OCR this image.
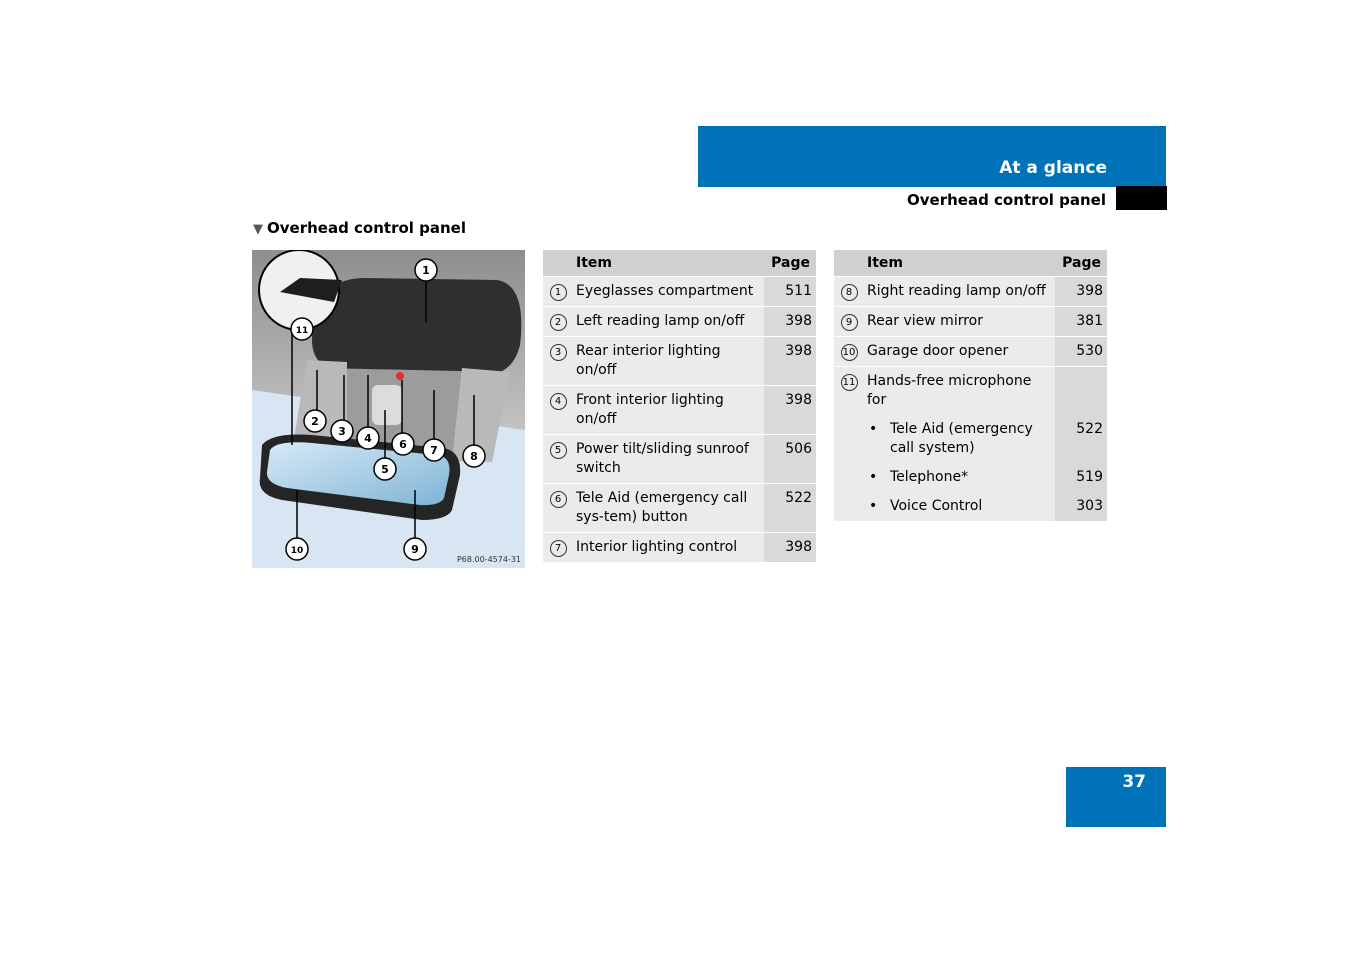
At a glance
Overhead control panel
▼ Overhead control panel
1
2
3
4
5
6 7	8
9
10
11
P68.00-4574-31
	Item	Page
1	Eyeglasses compartment	511
2	Left reading lamp on/off	398
3	Rear interior lighting on/off	398
4	Front interior lighting on/off	398
5	Power tilt/sliding sunroof switch	506
6	Tele Aid (emergency call sys-tem) button	522
7	Interior lighting control	398
	Item	Page
8	Right reading lamp on/off	398
9	Rear view mirror	381
10	Garage door opener	530
11	Hands-free microphone for	
	• Tele Aid (emergency call system)	522
	• Telephone*	519
	• Voice Control	303
37
